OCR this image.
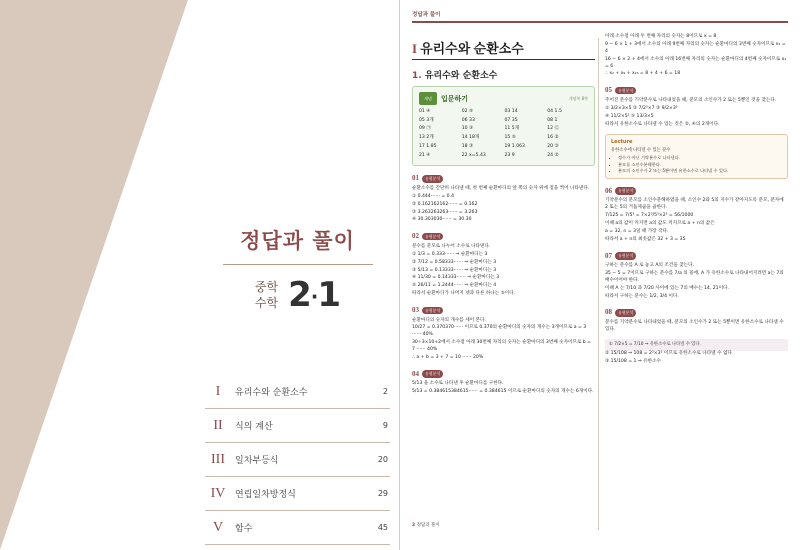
정답과 풀이
중학
수학 2·1
I	유리수와 순환소수	2
II	식의 계산	9
III	일차부등식	20
IV	연립일차방정식	29
V	함수	45
정답과 풀이
I 유리수와 순환소수
1. 유리수와 순환소수
개념	입문하기	개념북 8쪽
01 ④	02 ⑤	03 14	04 1.5
05 3개	06 33	07 35	08 1
09 ㉠	10 ③	11 5개	12 ㉢
13 2개	14 18개	15 ⑤	16 ②
17 1.85	18 ③	19 1.063	20 ③
21 ④	22 x=5.43	23 9	24 ②
01	유형분석

순환소수를 간단히 나타낼 때, 첫 번째 순환마디의 앞 쪽의 숫자 위에 점을 찍어 나타낸다.

① 0.444⋯⋯ = 0.4̇

② 0.162162162⋯⋯ = 0.1̇6̇2̇

③ 3.263263263⋯⋯ = 3.2̇6̇3̇

④ 30.303030⋯⋯ = 30.3̇0̇

02	유형분석

분수를 분모로 나누어 소수로 나타낸다.

① 1/3 = 0.333⋯⋯ ⇒ 순환마디는 3

② 7/12 = 0.58333⋯⋯ ⇒ 순환마디는 3

③ 5/13 = 0.13333⋯⋯ ⇒ 순환마디는 3

④ 11/30 = 0.14333⋯⋯ ⇒ 순환마디는 3

⑤ 26/11 = 1.2444⋯⋯ ⇒ 순환마디는 4

따라서 순환마디가 나머지 넷과 다른 하나는 ⑤이다.

03	유형분석

순환마디의 숫자의 개수를 세어 본다.

10/27 = 0.370370⋯⋯ 이므로 0.3̇7̇0̇의 순환마디의 숫자의 개수는 3개이므로 a = 3 ⋯⋯ 40%

30÷3×10+2에서 소수점 아래 30번째 자리의 숫자는 순환마디의 3번째 숫자이므로 b = 7 ⋯⋯ 40%

∴ a + b = 3 + 7 = 10 ⋯⋯ 20%

04	유형분석

5/13 을 소수로 나타낸 후 순환마디를 구한다.

5/13 = 0.384615384615⋯⋯ = 0.3̇8̇4̇6̇1̇5̇ 이므로 순환마디의 숫자의 개수는 6개이다.

2 정답과 풀이

아래 소수점 아래 두 번째 자리의 숫자는 8이므로 x = 8

9 − 6 × 1 + 3에서 소수의 아래 9번째 자리의 숫자는 순환마디의 3번째 숫자이므로 x₃ = 4

16 − 6 × 2 + 4에서 소수의 아래 16번째 자리의 숫자는 순환마디의 4번째 숫자이므로 x₄ = 6

∴ x₂ + x₉ + x₁₆ = 8 + 4 + 6 = 18

05	유형분석

주어진 분수를 기약분수로 나타내었을 때, 분모의 소인수가 2 또는 5뿐인 것을 찾는다.

① 3/2×3×5 ② 7/2²×7 ③ 9/2×3²

④ 11/2×5² ⑤ 13/3×5

따라서 유한소수로 나타낼 수 있는 것은 ②, ④의 2개이다.

Lecture
유한소수에 나타낼 수 있는 분수
• 정수가 아닌 기약분수로 나타낸다.
• 분모를 소인수분해한다.
• 분모의 소인수가 2 또는 5뿐이면 유한소수로 나타낼 수 있다.
06	유형분석

기약분수의 분모를 소인수분해하였을 때, 소인수 2와 5의 지수가 같아지도록 분모, 분자에 2 또는 5의 거듭제곱을 곱한다.

7/125 = 7/5³ = 7×2³/5³×2³ = 56/1000

이때 a의 값이 커지면 a의 값도 커지므로 a + n의 값은

a = 32, n = 3일 때 가장 작다.

따라서 a + n의 최솟값은 32 + 3 = 35

07	유형분석

구하는 분수를 A 로 놓고 A의 조건을 찾는다.

35 − 5 = 7이므로 구하는 분수를 7/a 의 꼴에, A 가 유한소수로 나타내어지려면 a는 7의 배수이어야 한다.

이때 A 는 7/10 과 7/20 사이에 있는 7의 배수는 14, 21이다.

따라서 구하는 분수는 1/2, 3/4 이다.

08	유형분석

분수를 기약분수로 나타내었을 때, 분모의 소인수가 2 또는 5뿐이면 유한소수로 나타낼 수 있다.

① 7/2×5 = 7/10 ⇒ 유한소수로 나타낼 수 있다.

② 15/108 ⇒ 108 = 2²×3³ 이므로 유한소수로 나타낼 수 없다.

③ 15/108 = 1 ⇒ 유한소수
